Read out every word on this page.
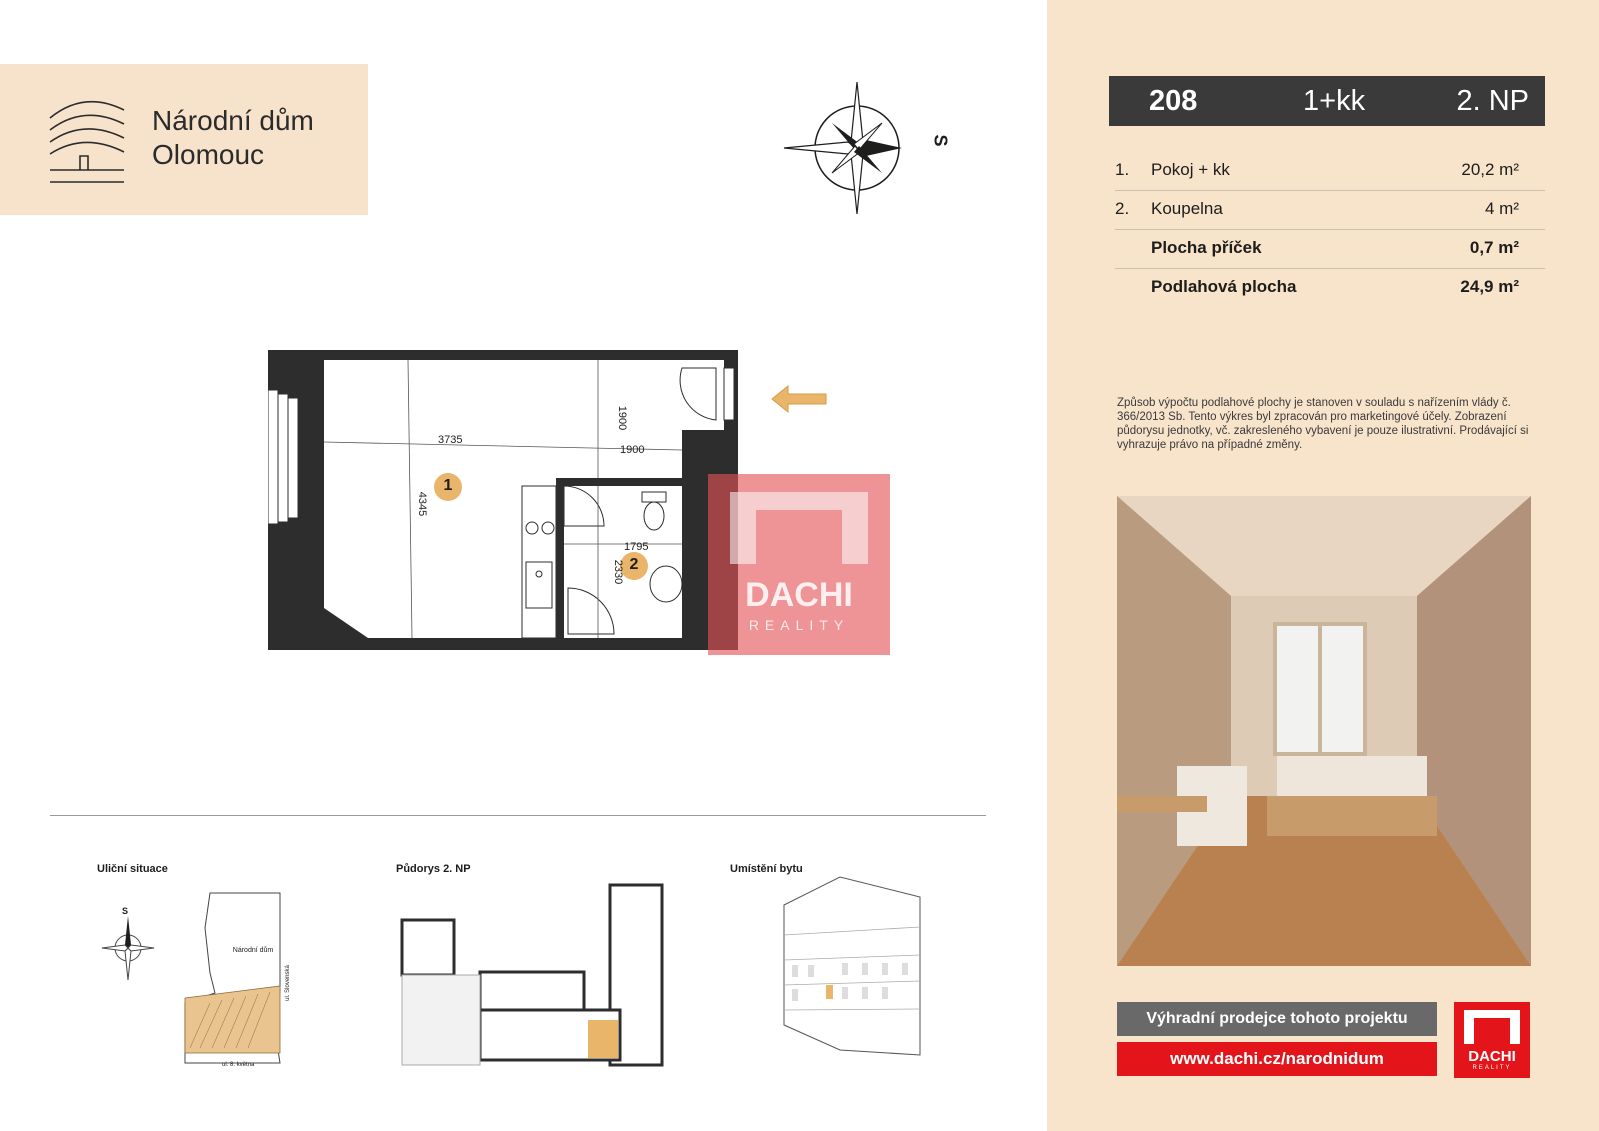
Národní dům
Olomouc	S
3735
1900
1900
4345
1795
2330
1
2
DACHI
REALITY
Uliční situace
S
Národní dům
ul. Slovenská
ul. 8. května
Půdorys 2. NP	Umístění bytu
208	1+kk	2. NP
1. Pokoj + kk	20,2 m²
2. Koupelna	4 m²
Plocha příček	0,7 m²
Podlahová plocha	24,9 m²
Způsob výpočtu podlahové plochy je stanoven v souladu s nařízením vlády č. 366/2013 Sb. Tento výkres byl zpracován pro marketingové účely. Zobrazení půdorysu jednotky, vč. zakresleného vybavení je pouze ilustrativní. Prodávající si vyhrazuje právo na případné změny.
Výhradní prodejce tohoto projektu
www.dachi.cz/narodnidum	DACHI
REALITY
